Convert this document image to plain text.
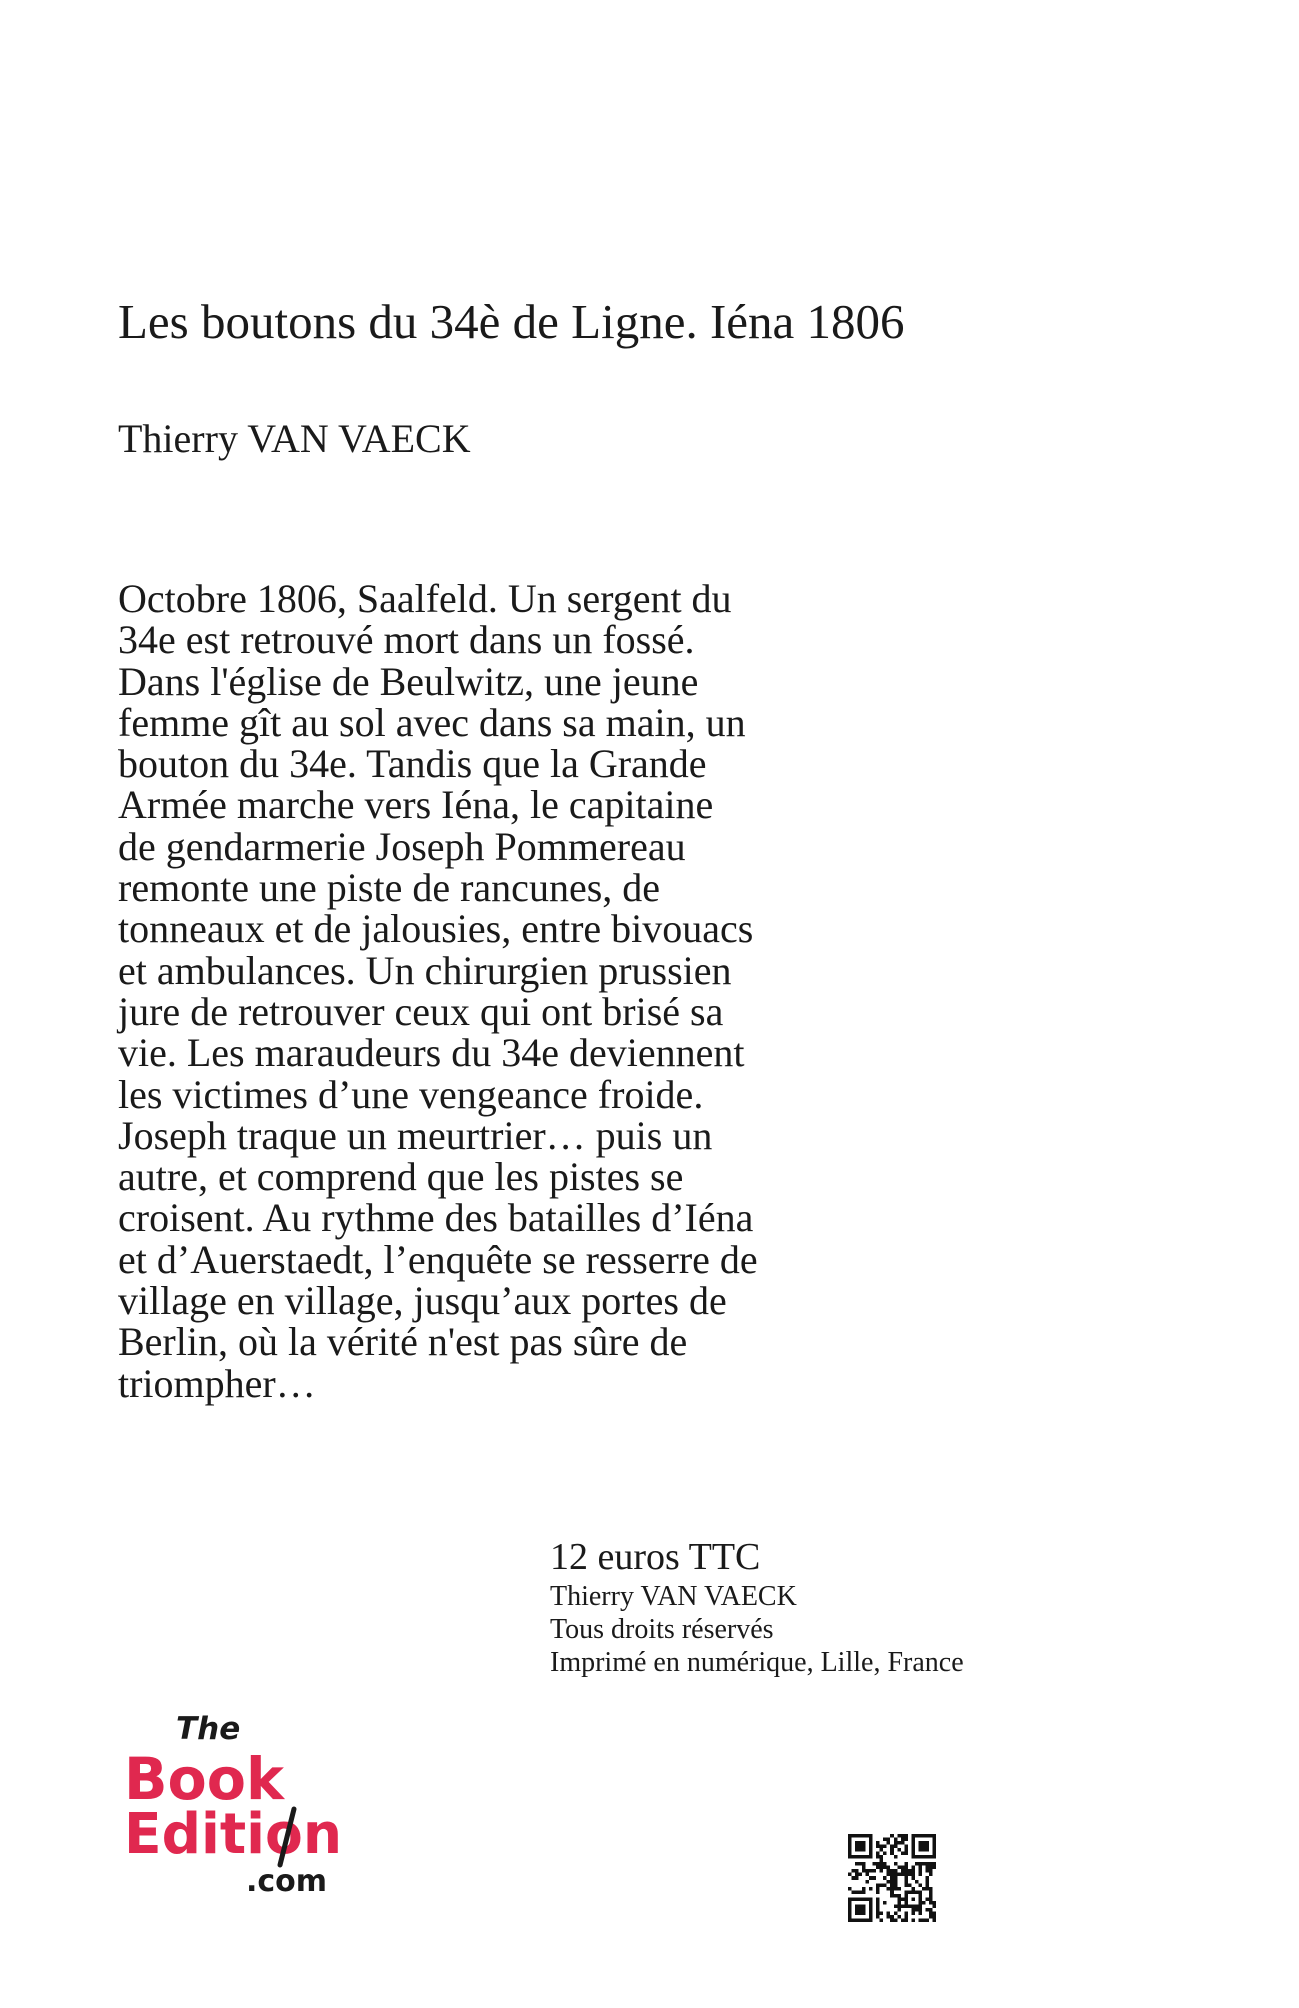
Les boutons du 34è de Ligne. Iéna 1806
Thierry VAN VAECK

Octobre 1806, Saalfeld. Un sergent du
34e est retrouvé mort dans un fossé.
Dans l'église de Beulwitz, une jeune
femme gît au sol avec dans sa main, un
bouton du 34e. Tandis que la Grande
Armée marche vers Iéna, le capitaine
de gendarmerie Joseph Pommereau
remonte une piste de rancunes, de
tonneaux et de jalousies, entre bivouacs
et ambulances. Un chirurgien prussien
jure de retrouver ceux qui ont brisé sa
vie. Les maraudeurs du 34e deviennent
les victimes d’une vengeance froide.
Joseph traque un meurtrier… puis un
autre, et comprend que les pistes se
croisent. Au rythme des batailles d’Iéna
et d’Auerstaedt, l’enquête se resserre de
village en village, jusqu’aux portes de
Berlin, où la vérité n'est pas sûre de
triompher…

12 euros TTC
Thierry VAN VAECK
Tous droits réservés
Imprimé en numérique, Lille, France
The
Book
Edition
.com
